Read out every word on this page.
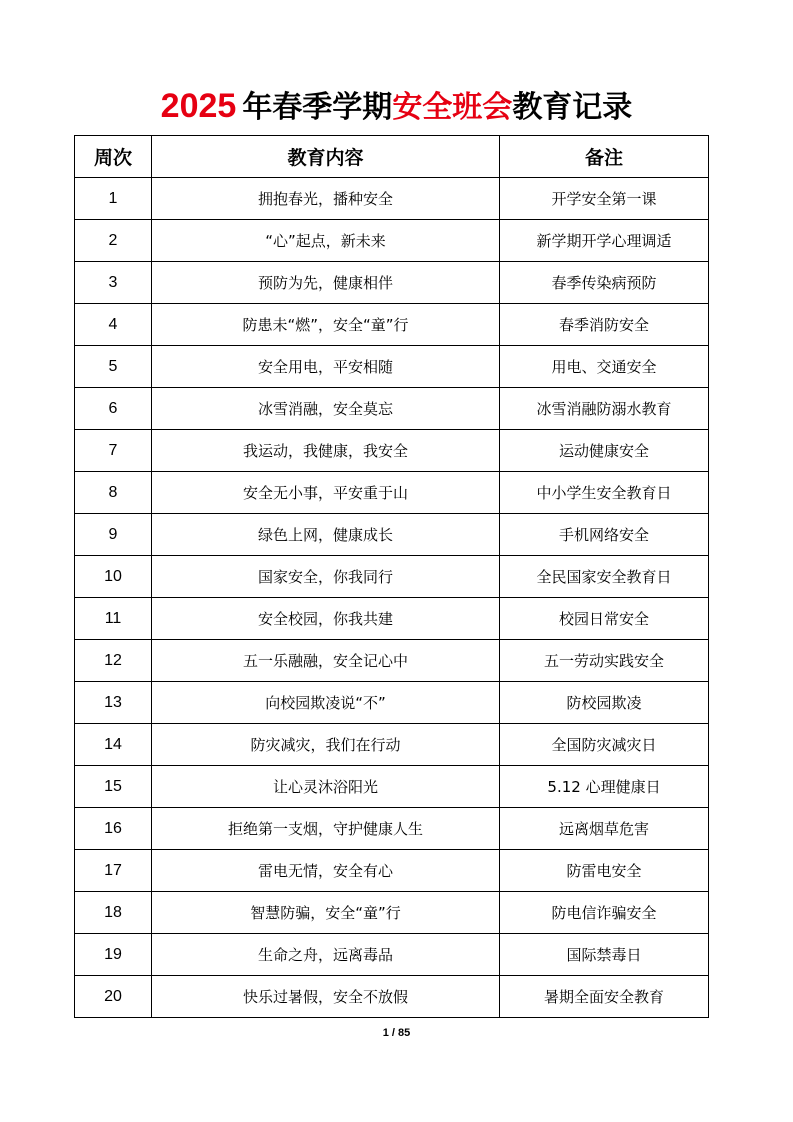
2025 年春季学期安全班会教育记录
周次	教育内容	备注
1	拥抱春光，播种安全	开学安全第一课
2	“心”起点，新未来	新学期开学心理调适
3	预防为先，健康相伴	春季传染病预防
4	防患未“燃”，安全“童”行	春季消防安全
5	安全用电，平安相随	用电、交通安全
6	冰雪消融，安全莫忘	冰雪消融防溺水教育
7	我运动，我健康，我安全	运动健康安全
8	安全无小事，平安重于山	中小学生安全教育日
9	绿色上网，健康成长	手机网络安全
10	国家安全，你我同行	全民国家安全教育日
11	安全校园，你我共建	校园日常安全
12	五一乐融融，安全记心中	五一劳动实践安全
13	向校园欺凌说“不”	防校园欺凌
14	防灾减灾，我们在行动	全国防灾减灾日
15	让心灵沐浴阳光	5.12 心理健康日
16	拒绝第一支烟，守护健康人生	远离烟草危害
17	雷电无情，安全有心	防雷电安全
18	智慧防骗，安全“童”行	防电信诈骗安全
19	生命之舟，远离毒品	国际禁毒日
20	快乐过暑假，安全不放假	暑期全面安全教育
1 / 85
